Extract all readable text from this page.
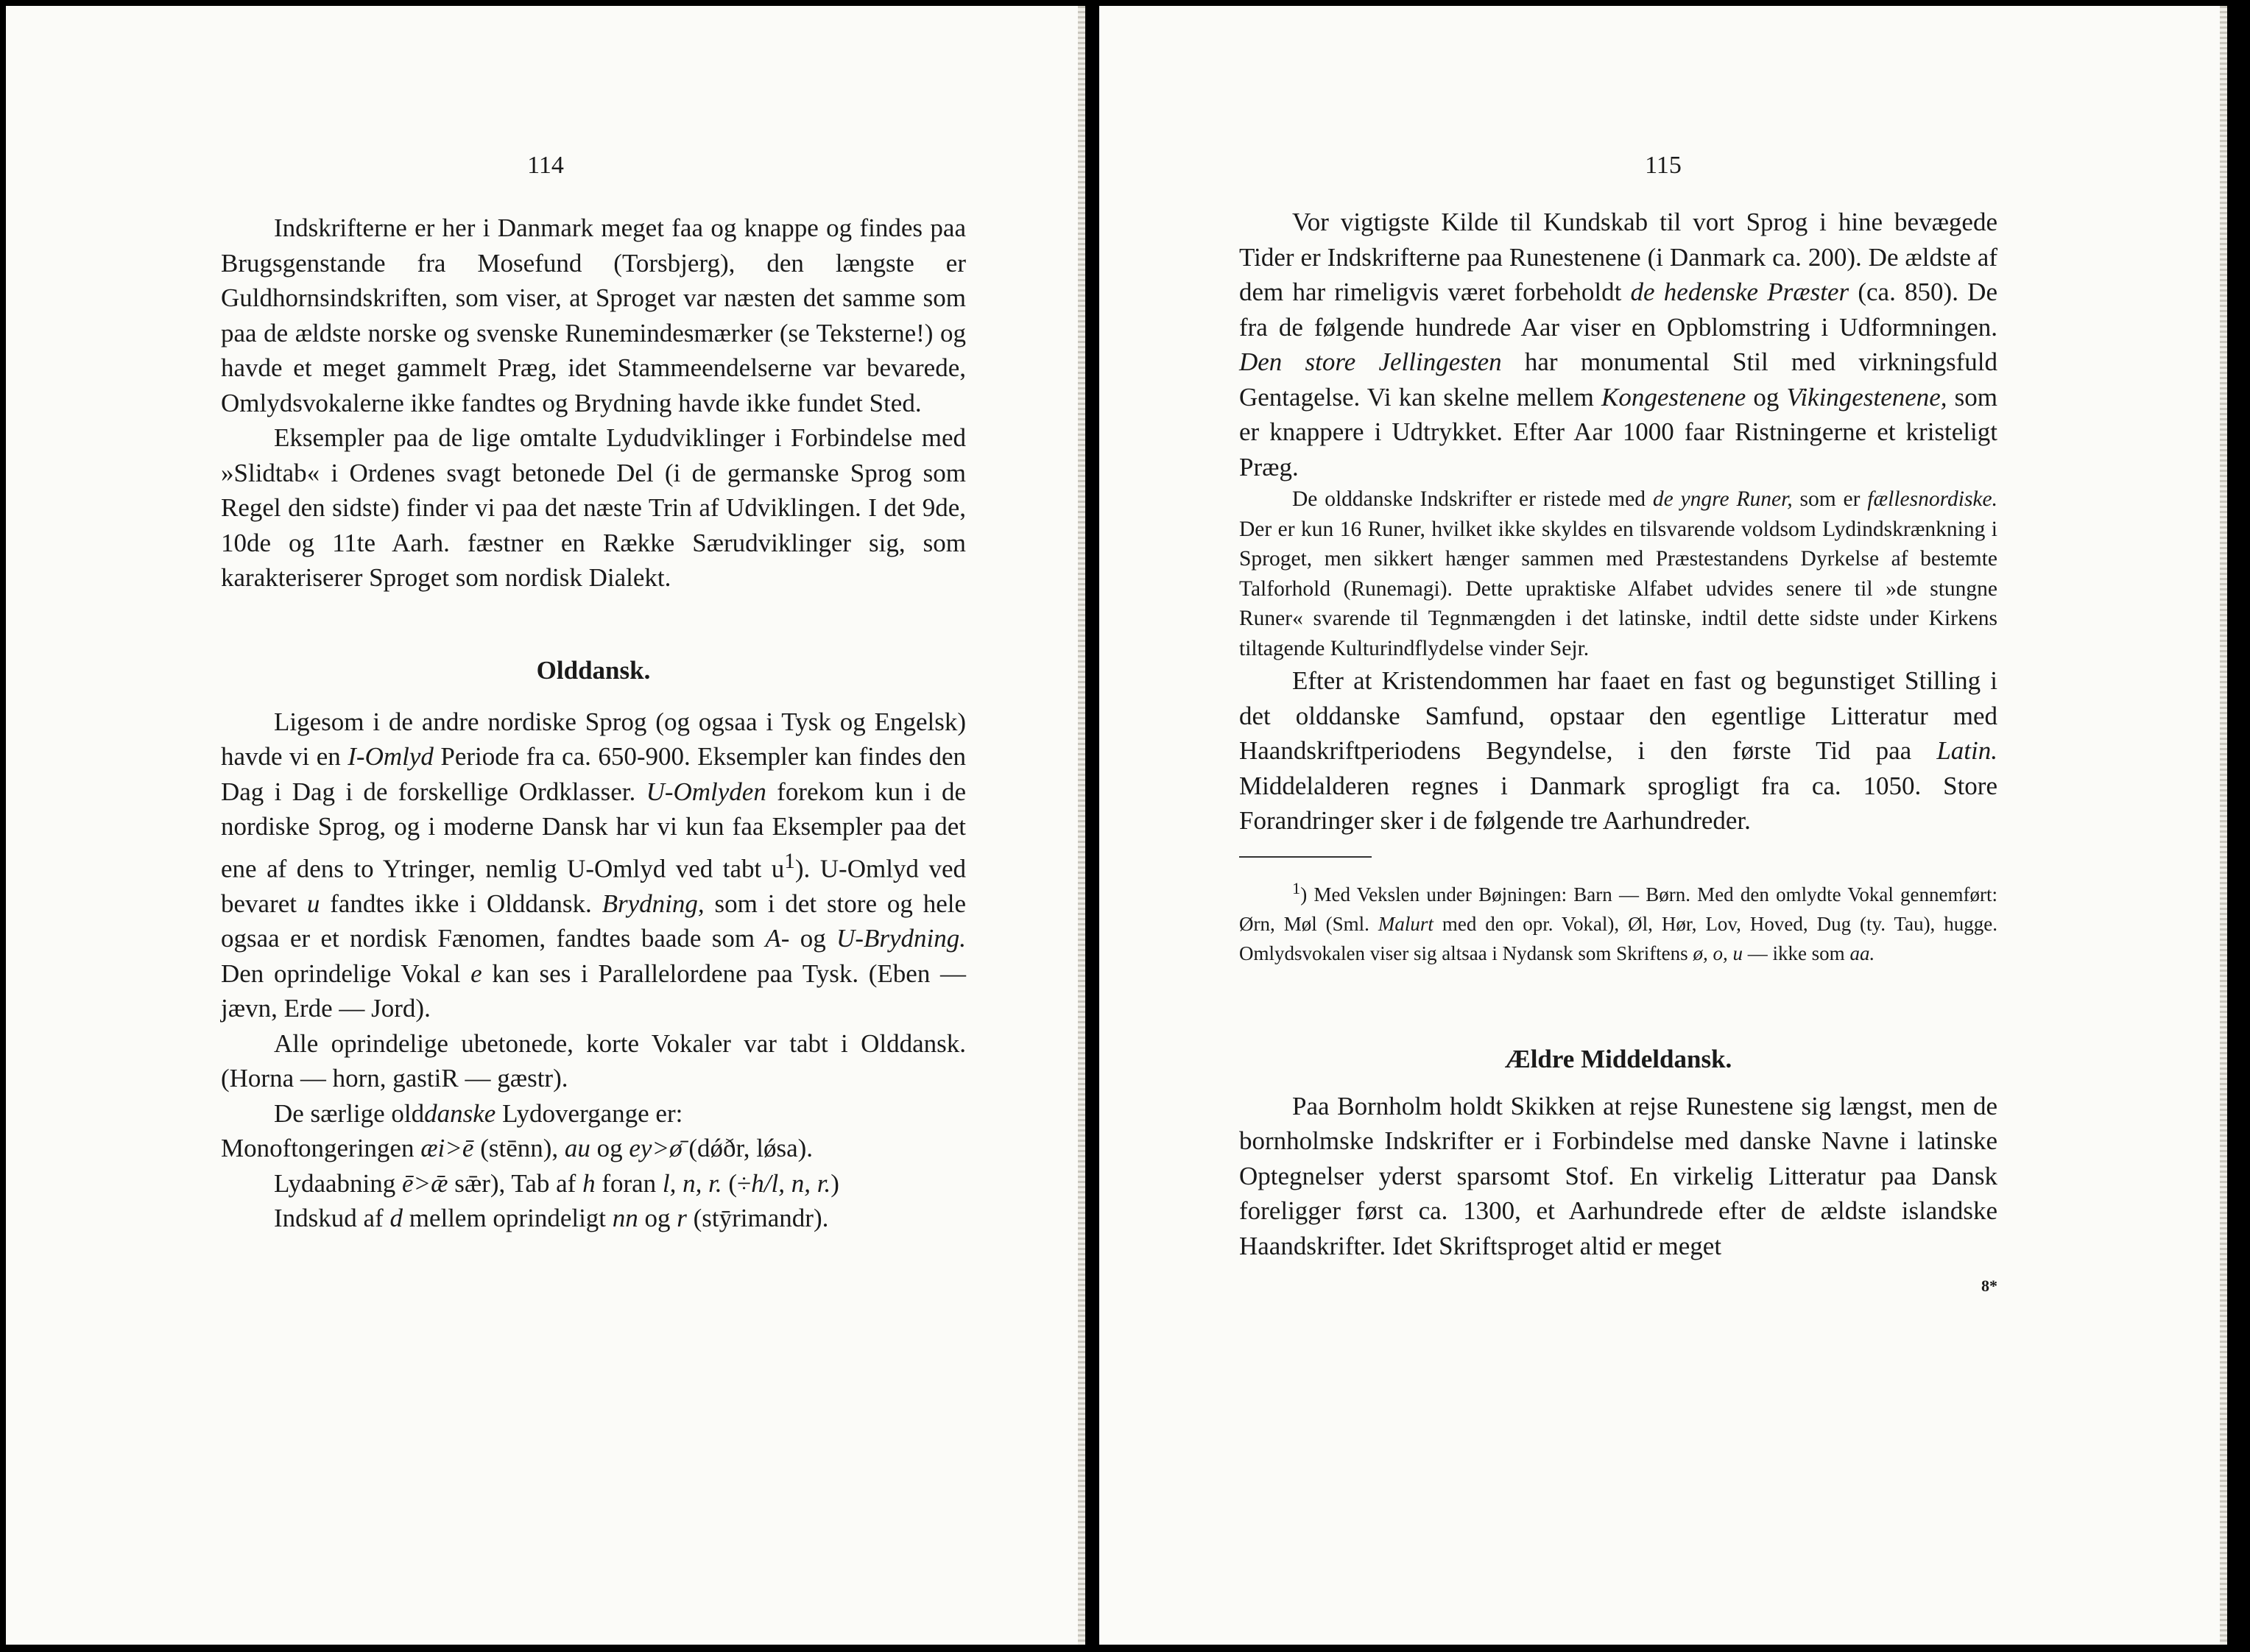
114

Indskrifterne er her i Danmark meget faa og knappe og findes paa Brugsgenstande fra Mosefund (Torsbjerg), den længste er Guldhornsindskriften, som viser, at Sproget var næsten det samme som paa de ældste norske og svenske Runemindesmærker (se Teksterne!) og havde et meget gammelt Præg, idet Stammeendelserne var bevarede, Omlydsvokalerne ikke fandtes og Brydning havde ikke fundet Sted.

Eksempler paa de lige omtalte Lydudviklinger i Forbindelse med »Slidtab« i Ordenes svagt betonede Del (i de germanske Sprog som Regel den sidste) finder vi paa det næste Trin af Udviklingen. I det 9de, 10de og 11te Aarh. fæstner en Række Særudviklinger sig, som karakteriserer Sproget som nordisk Dialekt.

Olddansk.

Ligesom i de andre nordiske Sprog (og ogsaa i Tysk og Engelsk) havde vi en I-Omlyd Periode fra ca. 650-900. Eksempler kan findes den Dag i Dag i de forskellige Ordklasser. U-Omlyden forekom kun i de nordiske Sprog, og i moderne Dansk har vi kun faa Eksempler paa det ene af dens to Ytringer, nemlig U-Omlyd ved tabt $u^1$). U-Omlyd ved bevaret u fandtes ikke i Olddansk. Brydning, som i det store og hele ogsaa er et nordisk Fænomen, fandtes baade som A- og U-Brydning. Den oprindelige Vokal e kan ses i Parallelordene paa Tysk. (Eben — jævn, Erde — Jord).

Alle oprindelige ubetonede, korte Vokaler var tabt i Olddansk. (Horna — horn, gastiR — gæstr).

De særlige olddanske Lydovergange er:

Monoftongeringen æi>ē (stēnn), au og ey>ø̄ (dǿðr, lǿsa).

Lydaabning ē>ǣ sǣr), Tab af h foran l, n, r. (÷h/l, n, r.)

Indskud af d mellem oprindeligt nn og r (stȳrimandr).

115

Vor vigtigste Kilde til Kundskab til vort Sprog i hine bevægede Tider er Indskrifterne paa Runestenene (i Danmark ca. 200). De ældste af dem har rimeligvis været forbeholdt de hedenske Præster (ca. 850). De fra de følgende hundrede Aar viser en Opblomstring i Udformningen. Den store Jellingesten har monumental Stil med virkningsfuld Gentagelse. Vi kan skelne mellem Kongestenene og Vikingestenene, som er knappere i Udtrykket. Efter Aar 1000 faar Ristningerne et kristeligt Præg.

De olddanske Indskrifter er ristede med de yngre Runer, som er fællesnordiske. Der er kun 16 Runer, hvilket ikke skyldes en tilsvarende voldsom Lydindskrænkning i Sproget, men sikkert hænger sammen med Præstestandens Dyrkelse af bestemte Talforhold (Runemagi). Dette upraktiske Alfabet udvides senere til »de stungne Runer« svarende til Tegnmængden i det latinske, indtil dette sidste under Kirkens tiltagende Kulturindflydelse vinder Sejr.

Efter at Kristendommen har faaet en fast og begunstiget Stilling i det olddanske Samfund, opstaar den egentlige Litteratur med Haandskriftperiodens Begyndelse, i den første Tid paa Latin. Middelalderen regnes i Danmark sprogligt fra ca. 1050. Store Forandringer sker i de følgende tre Aarhundreder.

$^1$) Med Vekslen under Bøjningen: Barn — Børn. Med den omlydte Vokal gennemført: Ørn, Møl (Sml. Malurt med den opr. Vokal), Øl, Hør, Lov, Hoved, Dug (ty. Tau), hugge. Omlydsvokalen viser sig altsaa i Nydansk som Skriftens ø, o, u — ikke som aa.

Ældre Middeldansk.

Paa Bornholm holdt Skikken at rejse Runestene sig længst, men de bornholmske Indskrifter er i Forbindelse med danske Navne i latinske Optegnelser yderst sparsomt Stof. En virkelig Litteratur paa Dansk foreligger først ca. 1300, et Aarhundrede efter de ældste islandske Haandskrifter. Idet Skriftsproget altid er meget

8*
